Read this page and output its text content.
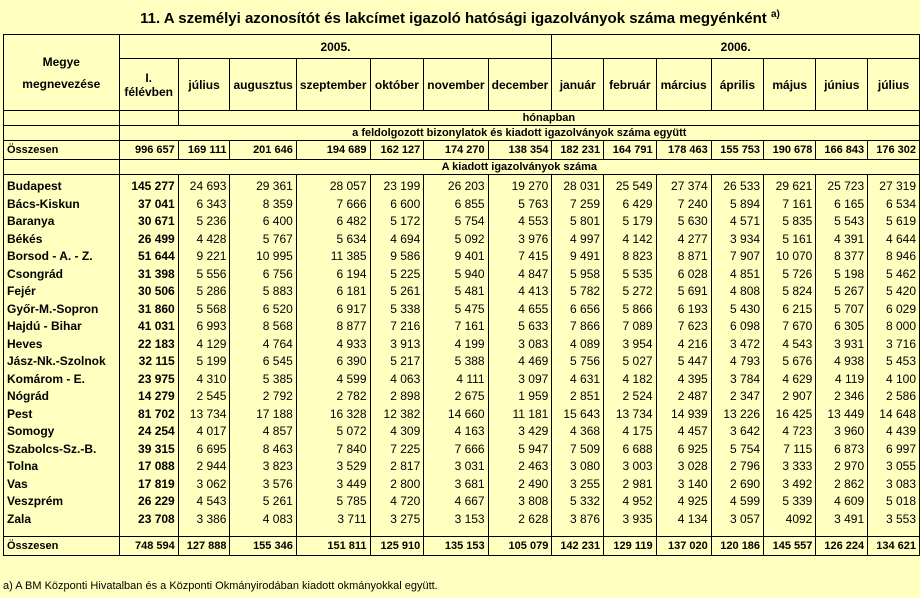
11. A személyi azonosítót és lakcímet igazoló hatósági igazolványok száma megyénként $^{a)}$
Megye megnevezése	2005.							2006.						
	I. félévben	július	augusztus	szeptember	október	november	december	január	február	március	április	május	június	július
		hónapban												
	a feldolgozott bizonylatok és kiadott igazolványok száma együtt													
Összesen	996 657	169 111	201 646	194 689	162 127	174 270	138 354	182 231	164 791	178 463	155 753	190 678	166 843	176 302
	A kiadott igazolványok száma													
Budapest	145 277	24 693	29 361	28 057	23 199	26 203	19 270	28 031	25 549	27 374	26 533	29 621	25 723	27 319
Bács-Kiskun	37 041	6 343	8 359	7 666	6 600	6 855	5 763	7 259	6 429	7 240	5 894	7 161	6 165	6 534
Baranya	30 671	5 236	6 400	6 482	5 172	5 754	4 553	5 801	5 179	5 630	4 571	5 835	5 543	5 619
Békés	26 499	4 428	5 767	5 634	4 694	5 092	3 976	4 997	4 142	4 277	3 934	5 161	4 391	4 644
Borsod - A. - Z.	51 644	9 221	10 995	11 385	9 586	9 401	7 415	9 491	8 823	8 871	7 907	10 070	8 377	8 946
Csongrád	31 398	5 556	6 756	6 194	5 225	5 940	4 847	5 958	5 535	6 028	4 851	5 726	5 198	5 462
Fejér	30 506	5 286	5 883	6 181	5 261	5 481	4 413	5 782	5 272	5 691	4 808	5 824	5 267	5 420
Győr-M.-Sopron	31 860	5 568	6 520	6 917	5 338	5 475	4 655	6 656	5 866	6 193	5 430	6 215	5 707	6 029
Hajdú - Bihar	41 031	6 993	8 568	8 877	7 216	7 161	5 633	7 866	7 089	7 623	6 098	7 670	6 305	8 000
Heves	22 183	4 129	4 764	4 933	3 913	4 199	3 083	4 089	3 954	4 216	3 472	4 543	3 931	3 716
Jász-Nk.-Szolnok	32 115	5 199	6 545	6 390	5 217	5 388	4 469	5 756	5 027	5 447	4 793	5 676	4 938	5 453
Komárom - E.	23 975	4 310	5 385	4 599	4 063	4 111	3 097	4 631	4 182	4 395	3 784	4 629	4 119	4 100
Nógrád	14 279	2 545	2 792	2 782	2 898	2 675	1 959	2 851	2 524	2 487	2 347	2 907	2 346	2 586
Pest	81 702	13 734	17 188	16 328	12 382	14 660	11 181	15 643	13 734	14 939	13 226	16 425	13 449	14 648
Somogy	24 254	4 017	4 857	5 072	4 309	4 163	3 429	4 368	4 175	4 457	3 642	4 723	3 960	4 439
Szabolcs-Sz.-B.	39 315	6 695	8 463	7 840	7 225	7 666	5 947	7 509	6 688	6 925	5 754	7 115	6 873	6 997
Tolna	17 088	2 944	3 823	3 529	2 817	3 031	2 463	3 080	3 003	3 028	2 796	3 333	2 970	3 055
Vas	17 819	3 062	3 576	3 449	2 800	3 681	2 490	3 255	2 981	3 140	2 690	3 492	2 862	3 083
Veszprém	26 229	4 543	5 261	5 785	4 720	4 667	3 808	5 332	4 952	4 925	4 599	5 339	4 609	5 018
Zala	23 708	3 386	4 083	3 711	3 275	3 153	2 628	3 876	3 935	4 134	3 057	4092	3 491	3 553

Összesen	748 594	127 888	155 346	151 811	125 910	135 153	105 079	142 231	129 119	137 020	120 186	145 557	126 224	134 621
a) A BM Központi Hivatalban és a Központi Okmányirodában kiadott okmányokkal együtt.
